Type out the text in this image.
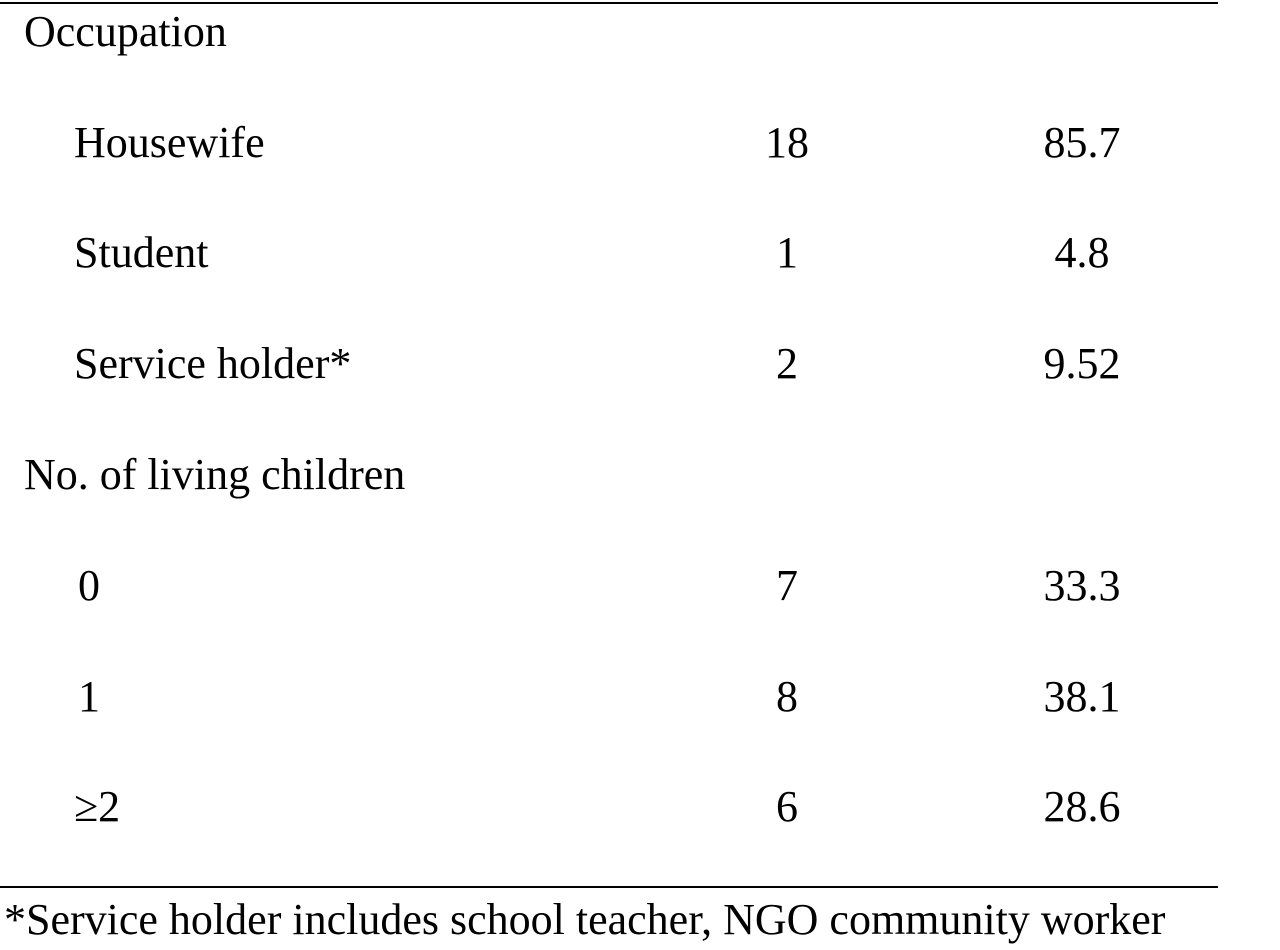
Occupation
Housewife	18	85.7
Student	1	4.8
Service holder*	2	9.52
No. of living children
0	7	33.3
1	8	38.1
≥2	6	28.6
*Service holder includes school teacher, NGO community worker
